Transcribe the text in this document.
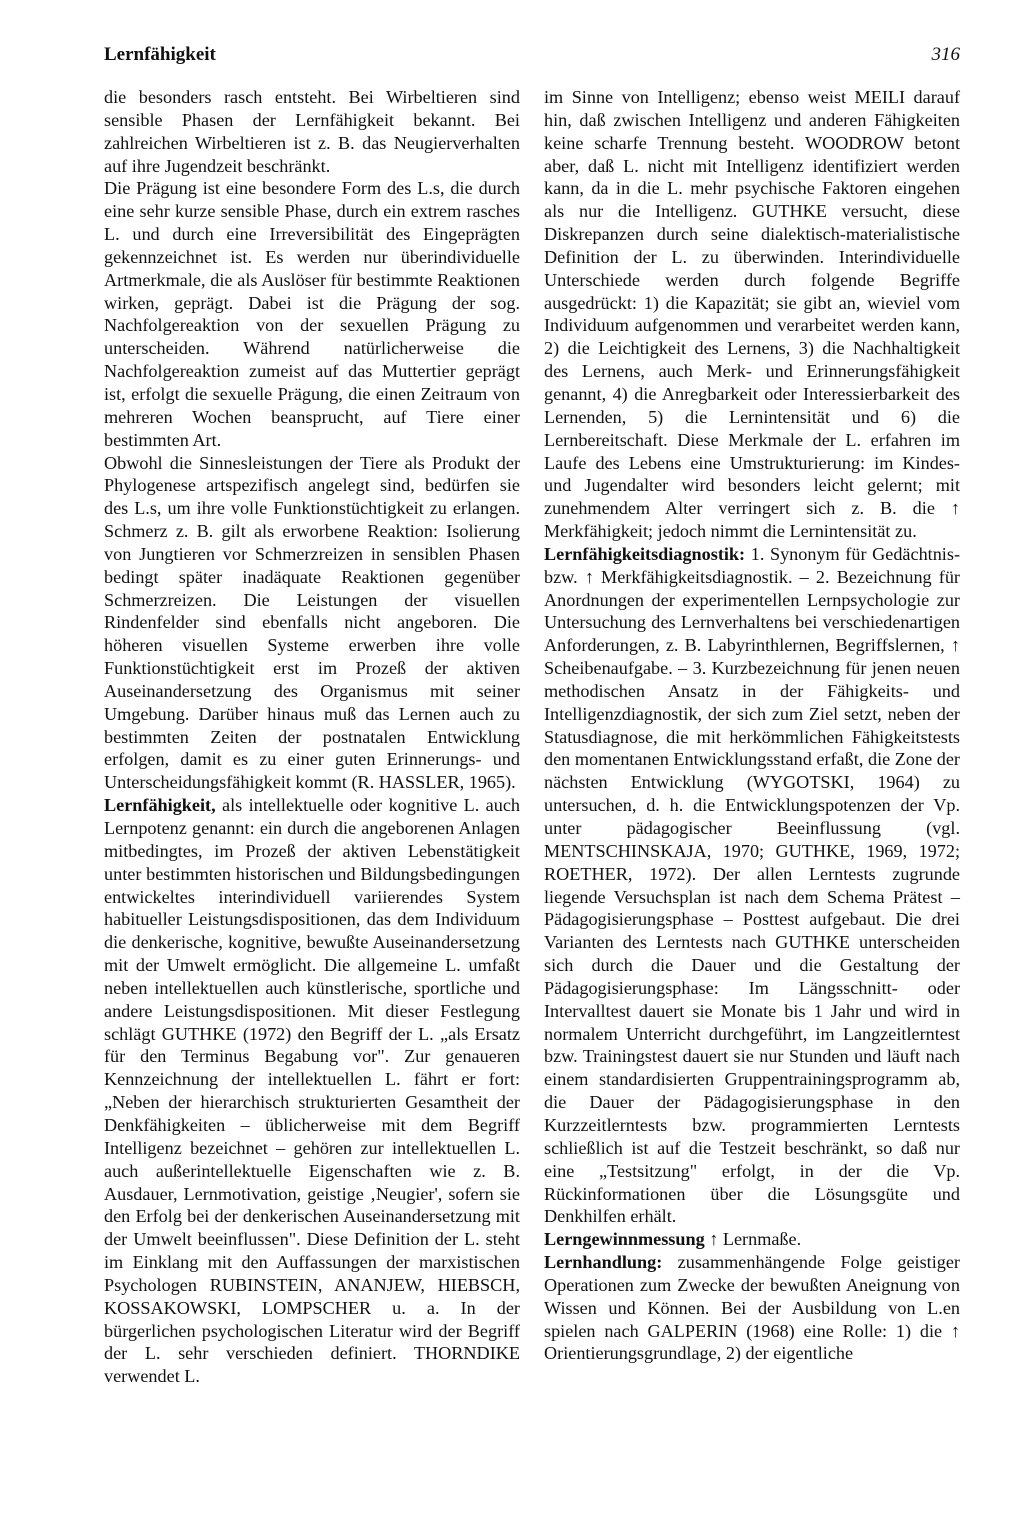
Lernfähigkeit	316

die besonders rasch entsteht. Bei Wirbeltieren sind sensible Phasen der Lernfähigkeit bekannt. Bei zahlreichen Wirbeltieren ist z. B. das Neugierverhalten auf ihre Jugendzeit beschränkt.

Die Prägung ist eine besondere Form des L.s, die durch eine sehr kurze sensible Phase, durch ein extrem rasches L. und durch eine Irreversibilität des Eingeprägten gekennzeichnet ist. Es werden nur überindividuelle Artmerkmale, die als Auslöser für bestimmte Reaktionen wirken, geprägt. Dabei ist die Prägung der sog. Nachfolgereaktion von der sexuellen Prägung zu unterscheiden. Während natürlicherweise die Nachfolgereaktion zumeist auf das Muttertier geprägt ist, erfolgt die sexuelle Prägung, die einen Zeitraum von mehreren Wochen beansprucht, auf Tiere einer bestimmten Art.

Obwohl die Sinnesleistungen der Tiere als Produkt der Phylogenese artspezifisch angelegt sind, bedürfen sie des L.s, um ihre volle Funktionstüchtigkeit zu erlangen. Schmerz z. B. gilt als erworbene Reaktion: Isolierung von Jungtieren vor Schmerzreizen in sensiblen Phasen bedingt später inadäquate Reaktionen gegenüber Schmerzreizen. Die Leistungen der visuellen Rindenfelder sind ebenfalls nicht angeboren. Die höheren visuellen Systeme erwerben ihre volle Funktionstüchtigkeit erst im Prozeß der aktiven Auseinandersetzung des Organismus mit seiner Umgebung. Darüber hinaus muß das Lernen auch zu bestimmten Zeiten der postnatalen Entwicklung erfolgen, damit es zu einer guten Erinnerungs- und Unterscheidungsfähigkeit kommt (R. HASSLER, 1965).

Lernfähigkeit, als intellektuelle oder kognitive L. auch Lernpotenz genannt: ein durch die angeborenen Anlagen mitbedingtes, im Prozeß der aktiven Lebenstätigkeit unter bestimmten historischen und Bildungsbedingungen entwickeltes interindividuell variierendes System habitueller Leistungsdispositionen, das dem Individuum die denkerische, kognitive, bewußte Auseinandersetzung mit der Umwelt ermöglicht. Die allgemeine L. umfaßt neben intellektuellen auch künstlerische, sportliche und andere Leistungsdispositionen. Mit dieser Festlegung schlägt GUTHKE (1972) den Begriff der L. „als Ersatz für den Terminus Begabung vor". Zur genaueren Kennzeichnung der intellektuellen L. fährt er fort: „Neben der hierarchisch strukturierten Gesamtheit der Denkfähigkeiten – üblicherweise mit dem Begriff Intelligenz bezeichnet – gehören zur intellektuellen L. auch außerintellektuelle Eigenschaften wie z. B. Ausdauer, Lernmotivation, geistige ‚Neugier', sofern sie den Erfolg bei der denkerischen Auseinandersetzung mit der Umwelt beeinflussen". Diese Definition der L. steht im Einklang mit den Auffassungen der marxistischen Psychologen RUBINSTEIN, ANANJEW, HIEBSCH, KOSSAKOWSKI, LOMPSCHER u. a. In der bürgerlichen psychologischen Literatur wird der Begriff der L. sehr verschieden definiert. THORNDIKE verwendet L.

im Sinne von Intelligenz; ebenso weist MEILI darauf hin, daß zwischen Intelligenz und anderen Fähigkeiten keine scharfe Trennung besteht. WOODROW betont aber, daß L. nicht mit Intelligenz identifiziert werden kann, da in die L. mehr psychische Faktoren eingehen als nur die Intelligenz. GUTHKE versucht, diese Diskrepanzen durch seine dialektisch-materialistische Definition der L. zu überwinden. Interindividuelle Unterschiede werden durch folgende Begriffe ausgedrückt: 1) die Kapazität; sie gibt an, wieviel vom Individuum aufgenommen und verarbeitet werden kann, 2) die Leichtigkeit des Lernens, 3) die Nachhaltigkeit des Lernens, auch Merk- und Erinnerungsfähigkeit genannt, 4) die Anregbarkeit oder Interessierbarkeit des Lernenden, 5) die Lernintensität und 6) die Lernbereitschaft. Diese Merkmale der L. erfahren im Laufe des Lebens eine Umstrukturierung: im Kindes- und Jugendalter wird besonders leicht gelernt; mit zunehmendem Alter verringert sich z. B. die ↑ Merkfähigkeit; jedoch nimmt die Lernintensität zu.

Lernfähigkeitsdiagnostik: 1. Synonym für Gedächtnis- bzw. ↑ Merkfähigkeitsdiagnostik. – 2. Bezeichnung für Anordnungen der experimentellen Lernpsychologie zur Untersuchung des Lernverhaltens bei verschiedenartigen Anforderungen, z. B. Labyrinthlernen, Begriffslernen, ↑ Scheibenaufgabe. – 3. Kurzbezeichnung für jenen neuen methodischen Ansatz in der Fähigkeits- und Intelligenzdiagnostik, der sich zum Ziel setzt, neben der Statusdiagnose, die mit herkömmlichen Fähigkeitstests den momentanen Entwicklungsstand erfaßt, die Zone der nächsten Entwicklung (WYGOTSKI, 1964) zu untersuchen, d. h. die Entwicklungspotenzen der Vp. unter pädagogischer Beeinflussung (vgl. MENTSCHINSKAJA, 1970; GUTHKE, 1969, 1972; ROETHER, 1972). Der allen Lerntests zugrunde liegende Versuchsplan ist nach dem Schema Prätest – Pädagogisierungsphase – Posttest aufgebaut. Die drei Varianten des Lerntests nach GUTHKE unterscheiden sich durch die Dauer und die Gestaltung der Pädagogisierungsphase: Im Längsschnitt- oder Intervalltest dauert sie Monate bis 1 Jahr und wird in normalem Unterricht durchgeführt, im Langzeitlerntest bzw. Trainingstest dauert sie nur Stunden und läuft nach einem standardisierten Gruppentrainingsprogramm ab, die Dauer der Pädagogisierungsphase in den Kurzzeitlerntests bzw. programmierten Lerntests schließlich ist auf die Testzeit beschränkt, so daß nur eine „Testsitzung" erfolgt, in der die Vp. Rückinformationen über die Lösungsgüte und Denkhilfen erhält.

Lerngewinnmessung ↑ Lernmaße.

Lernhandlung: zusammenhängende Folge geistiger Operationen zum Zwecke der bewußten Aneignung von Wissen und Können. Bei der Ausbildung von L.en spielen nach GALPERIN (1968) eine Rolle: 1) die ↑ Orientierungsgrundlage, 2) der eigentliche
